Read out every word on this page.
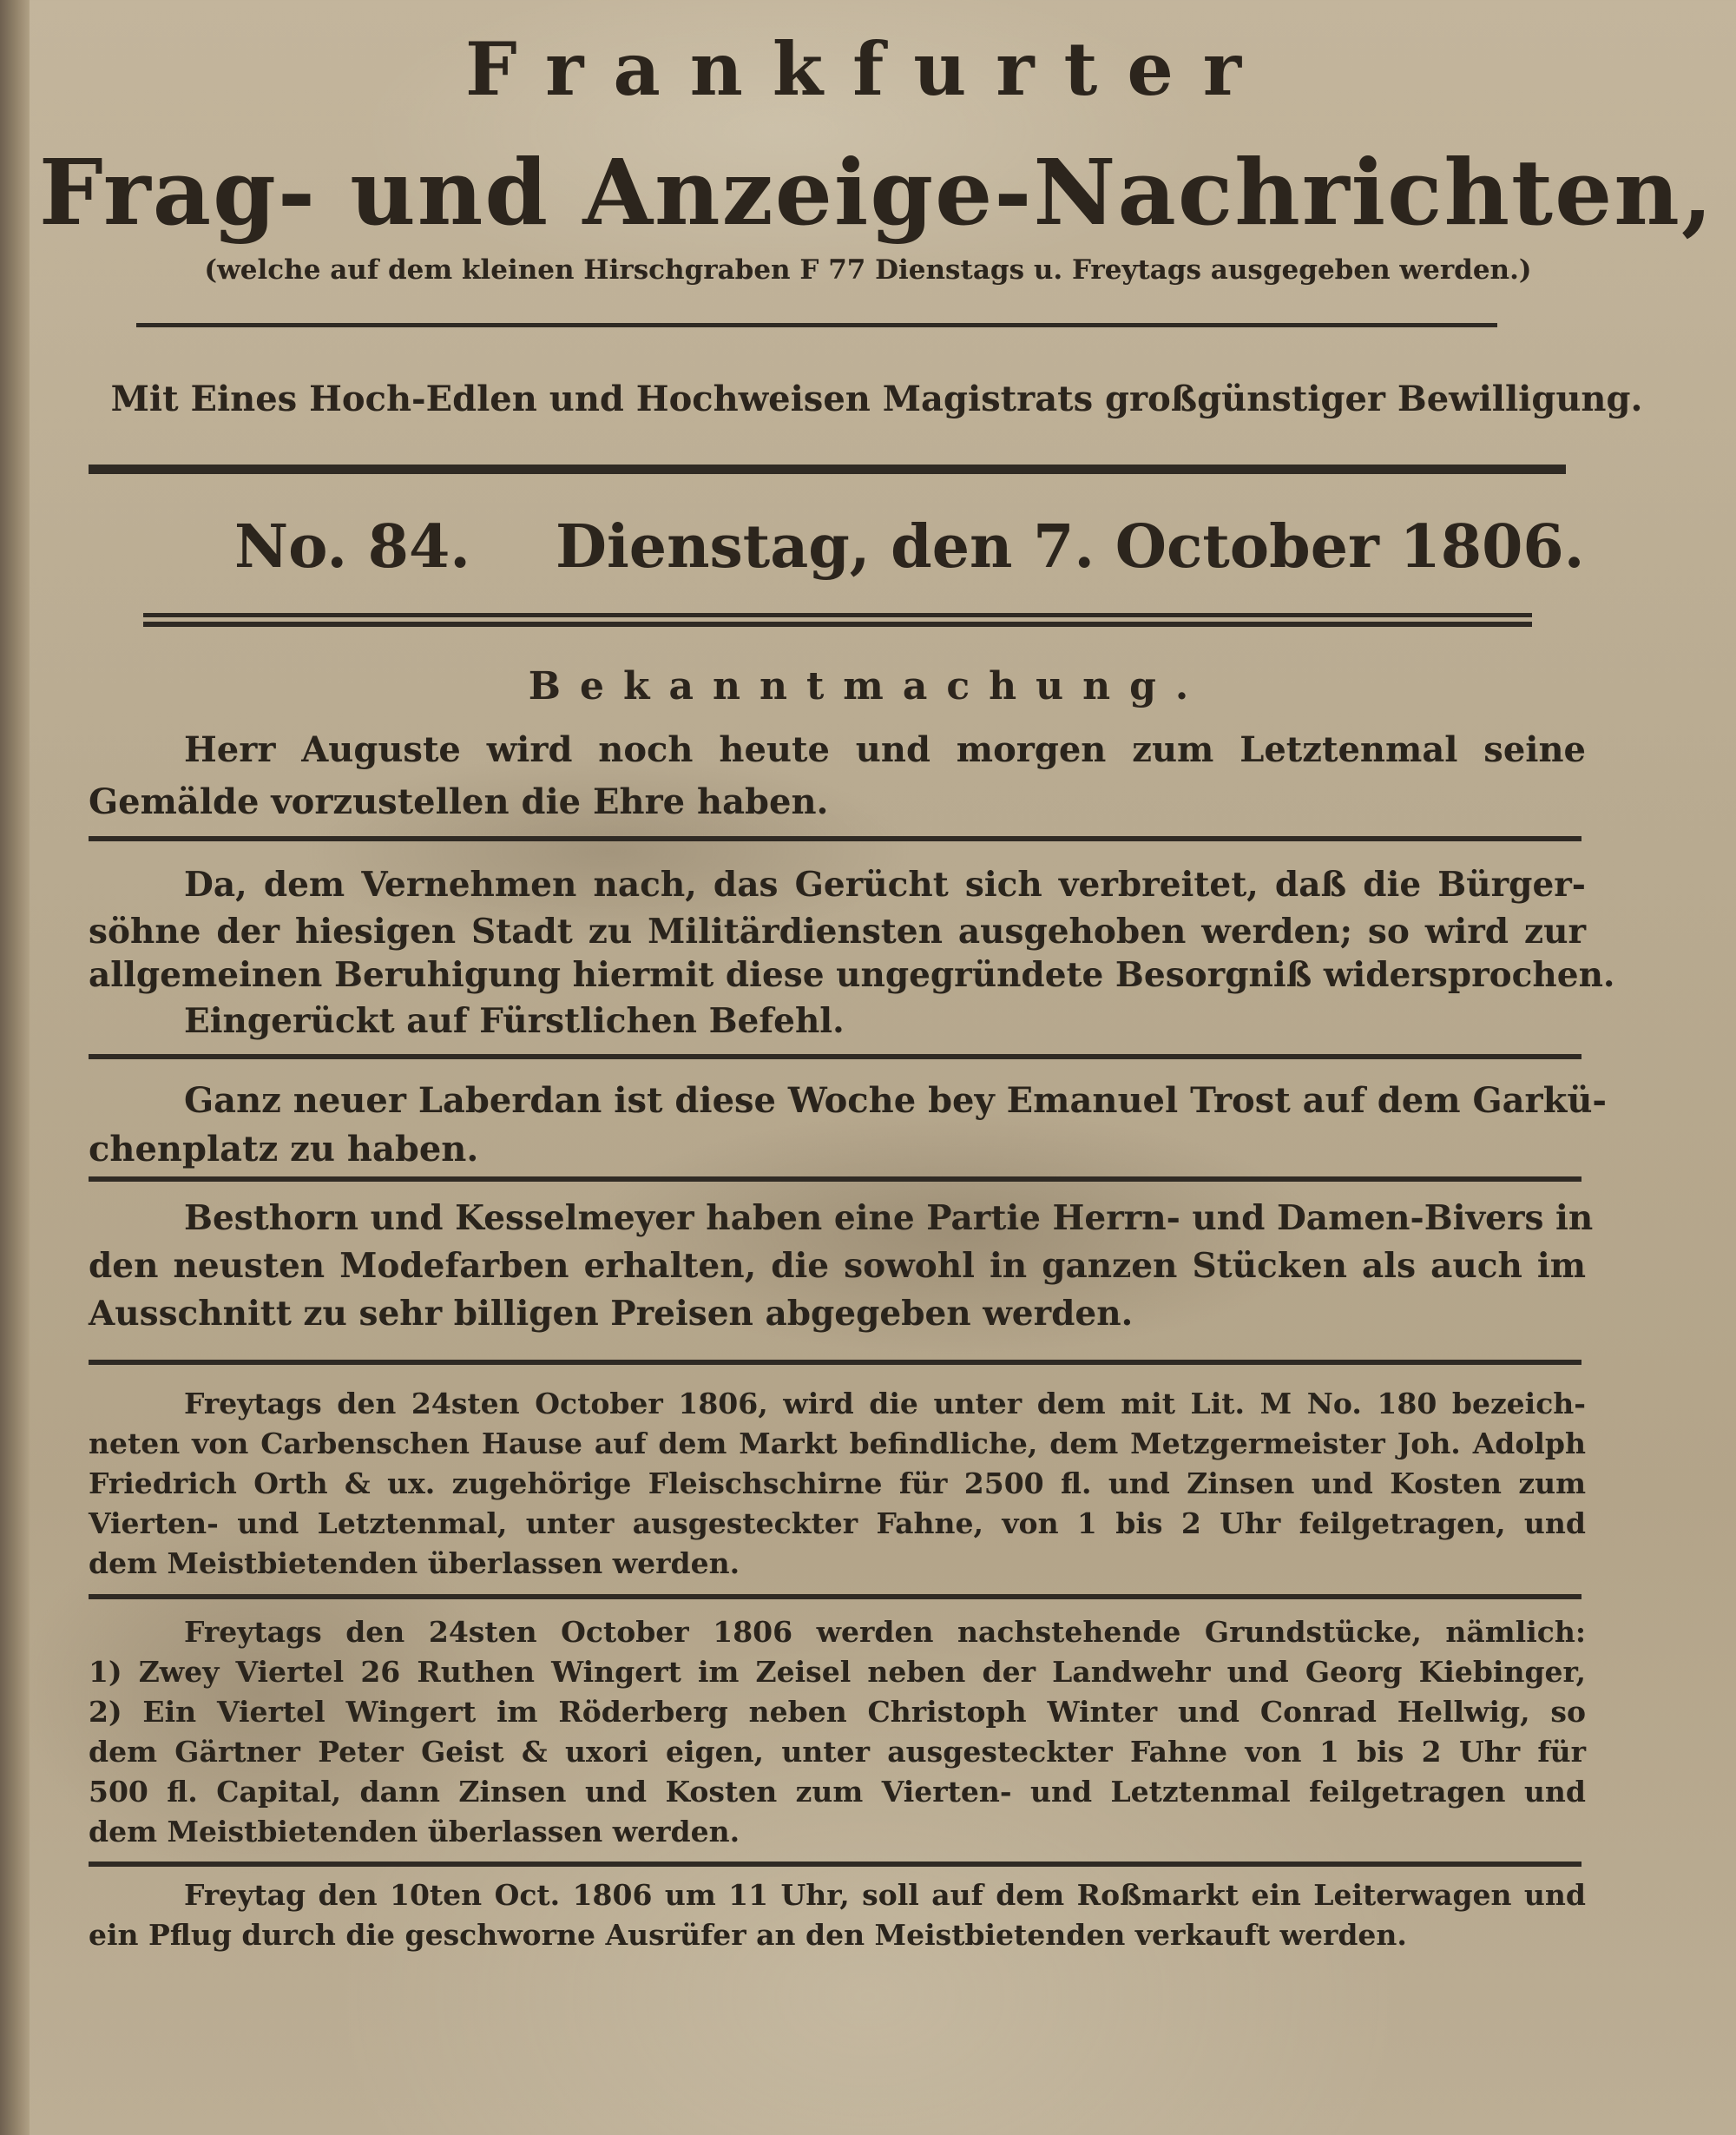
Frankfurter
Frag- und Anzeige-Nachrichten,
(welche auf dem kleinen Hirschgraben F 77 Dienstags u. Freytags ausgegeben werden.)
Mit Eines Hoch-Edlen und Hochweisen Magistrats großgünstiger Bewilligung.
No. 84. Dienstag, den 7. October 1806.
Bekanntmachung.
Herr Auguste wird noch heute und morgen zum Letztenmal seine
Gemälde vorzustellen die Ehre haben.
Da, dem Vernehmen nach, das Gerücht sich verbreitet, daß die Bürger-
söhne der hiesigen Stadt zu Militärdiensten ausgehoben werden; so wird zur
allgemeinen Beruhigung hiermit diese ungegründete Besorgniß widersprochen.
Eingerückt auf Fürstlichen Befehl.
Ganz neuer Laberdan ist diese Woche bey Emanuel Trost auf dem Garkü-
chenplatz zu haben.
Besthorn und Kesselmeyer haben eine Partie Herrn- und Damen-Bivers in
den neusten Modefarben erhalten, die sowohl in ganzen Stücken als auch im
Ausschnitt zu sehr billigen Preisen abgegeben werden.
Freytags den 24sten October 1806, wird die unter dem mit Lit. M No. 180 bezeich-
neten von Carbenschen Hause auf dem Markt befindliche, dem Metzgermeister Joh. Adolph
Friedrich Orth & ux. zugehörige Fleischschirne für 2500 fl. und Zinsen und Kosten zum
Vierten- und Letztenmal, unter ausgesteckter Fahne, von 1 bis 2 Uhr feilgetragen, und
dem Meistbietenden überlassen werden.
Freytags den 24sten October 1806 werden nachstehende Grundstücke, nämlich:
1) Zwey Viertel 26 Ruthen Wingert im Zeisel neben der Landwehr und Georg Kiebinger,
2) Ein Viertel Wingert im Röderberg neben Christoph Winter und Conrad Hellwig, so
dem Gärtner Peter Geist & uxori eigen, unter ausgesteckter Fahne von 1 bis 2 Uhr für
500 fl. Capital, dann Zinsen und Kosten zum Vierten- und Letztenmal feilgetragen und
dem Meistbietenden überlassen werden.
Freytag den 10ten Oct. 1806 um 11 Uhr, soll auf dem Roßmarkt ein Leiterwagen und
ein Pflug durch die geschworne Ausrüfer an den Meistbietenden verkauft werden.
